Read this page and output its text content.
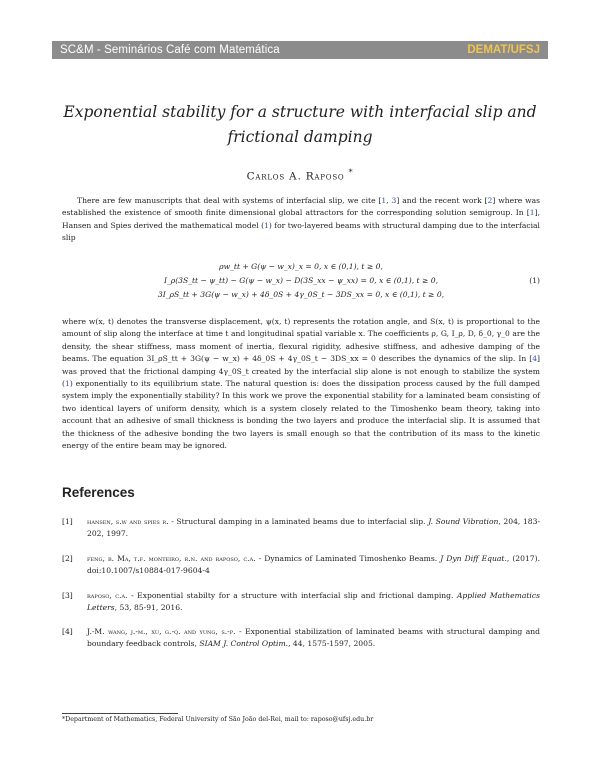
SC&M - Seminários Café com Matemática	DEMAT/UFSJ
Exponential stability for a structure with interfacial slip and
frictional damping
Carlos A. Raposo *
There are few manuscripts that deal with systems of interfacial slip, we cite [1, 3] and the recent work [2] where was established the existence of smooth finite dimensional global attractors for the corresponding solution semigroup. In [1], Hansen and Spies derived the mathematical model (1) for two-layered beams with structural damping due to the interfacial slip
ρw_tt + G(ψ − w_x)_x = 0, x ∈ (0,1), t ≥ 0,
I_ρ(3S_tt − ψ_tt) − G(ψ − w_x) − D(3S_xx − ψ_xx) = 0, x ∈ (0,1), t ≥ 0,
3I_ρS_tt + 3G(ψ − w_x) + 4δ_0S + 4γ_0S_t − 3DS_xx = 0, x ∈ (0,1), t ≥ 0,
(1)
where w(x, t) denotes the transverse displacement, ψ(x, t) represents the rotation angle, and S(x, t) is proportional to the amount of slip along the interface at time t and longitudinal spatial variable x. The coefficients ρ, G, I_ρ, D, δ_0, γ_0 are the density, the shear stiffness, mass moment of inertia, flexural rigidity, adhesive stiffness, and adhesive damping of the beams. The equation 3I_ρS_tt + 3G(ψ − w_x) + 4δ_0S + 4γ_0S_t − 3DS_xx = 0 describes the dynamics of the slip. In [4] was proved that the frictional damping 4γ_0S_t created by the interfacial slip alone is not enough to stabilize the system (1) exponentially to its equilibrium state. The natural question is: does the dissipation process caused by the full damped system imply the exponentially stability? In this work we prove the exponential stability for a laminated beam consisting of two identical layers of uniform density, which is a system closely related to the Timoshenko beam theory, taking into account that an adhesive of small thickness is bonding the two layers and produce the interfacial slip. It is assumed that the thickness of the adhesive bonding the two layers is small enough so that the contribution of its mass to the kinetic energy of the entire beam may be ignored.
References
[1]	hansen, s.w and spies r. - Structural damping in a laminated beams due to interfacial slip. J. Sound Vibration, 204, 183-202, 1997.
[2]	feng, b. Ma, t.f. monteiro, r.n. and raposo, c.a. - Dynamics of Laminated Timoshenko Beams. J Dyn Diff Equat., (2017). doi:10.1007/s10884-017-9604-4
[3]	raposo, c.a. - Exponential stabilty for a structure with interfacial slip and frictional damping. Applied Mathematics Letters, 53, 85-91, 2016.
[4]	J.-M. wang, j.-m., xu, g.-q. and yung, s.-p. - Exponential stabilization of laminated beams with structural damping and boundary feedback controls, SIAM J. Control Optim., 44, 1575-1597, 2005.
*Department of Mathematics, Federal University of São João del-Rei, mail to: raposo@ufsj.edu.br
